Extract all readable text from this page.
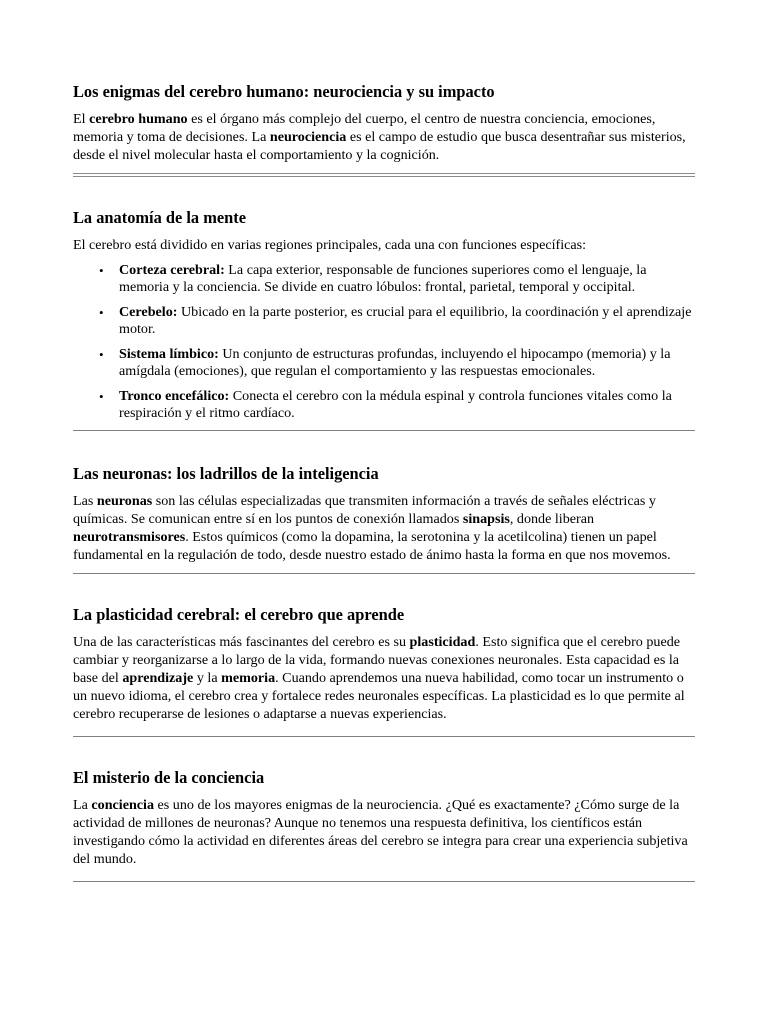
Los enigmas del cerebro humano: neurociencia y su impacto

El cerebro humano es el órgano más complejo del cuerpo, el centro de nuestra conciencia, emociones, memoria y toma de decisiones. La neurociencia es el campo de estudio que busca desentrañar sus misterios, desde el nivel molecular hasta el comportamiento y la cognición.

La anatomía de la mente

El cerebro está dividido en varias regiones principales, cada una con funciones específicas:

• Corteza cerebral: La capa exterior, responsable de funciones superiores como el lenguaje, la memoria y la conciencia. Se divide en cuatro lóbulos: frontal, parietal, temporal y occipital.
• Cerebelo: Ubicado en la parte posterior, es crucial para el equilibrio, la coordinación y el aprendizaje motor.
• Sistema límbico: Un conjunto de estructuras profundas, incluyendo el hipocampo (memoria) y la amígdala (emociones), que regulan el comportamiento y las respuestas emocionales.
• Tronco encefálico: Conecta el cerebro con la médula espinal y controla funciones vitales como la respiración y el ritmo cardíaco.
Las neuronas: los ladrillos de la inteligencia

Las neuronas son las células especializadas que transmiten información a través de señales eléctricas y químicas. Se comunican entre sí en los puntos de conexión llamados sinapsis, donde liberan neurotransmisores. Estos químicos (como la dopamina, la serotonina y la acetilcolina) tienen un papel fundamental en la regulación de todo, desde nuestro estado de ánimo hasta la forma en que nos movemos.

La plasticidad cerebral: el cerebro que aprende

Una de las características más fascinantes del cerebro es su plasticidad. Esto significa que el cerebro puede cambiar y reorganizarse a lo largo de la vida, formando nuevas conexiones neuronales. Esta capacidad es la base del aprendizaje y la memoria. Cuando aprendemos una nueva habilidad, como tocar un instrumento o un nuevo idioma, el cerebro crea y fortalece redes neuronales específicas. La plasticidad es lo que permite al cerebro recuperarse de lesiones o adaptarse a nuevas experiencias.

El misterio de la conciencia

La conciencia es uno de los mayores enigmas de la neurociencia. ¿Qué es exactamente? ¿Cómo surge de la actividad de millones de neuronas? Aunque no tenemos una respuesta definitiva, los científicos están investigando cómo la actividad en diferentes áreas del cerebro se integra para crear una experiencia subjetiva del mundo.
